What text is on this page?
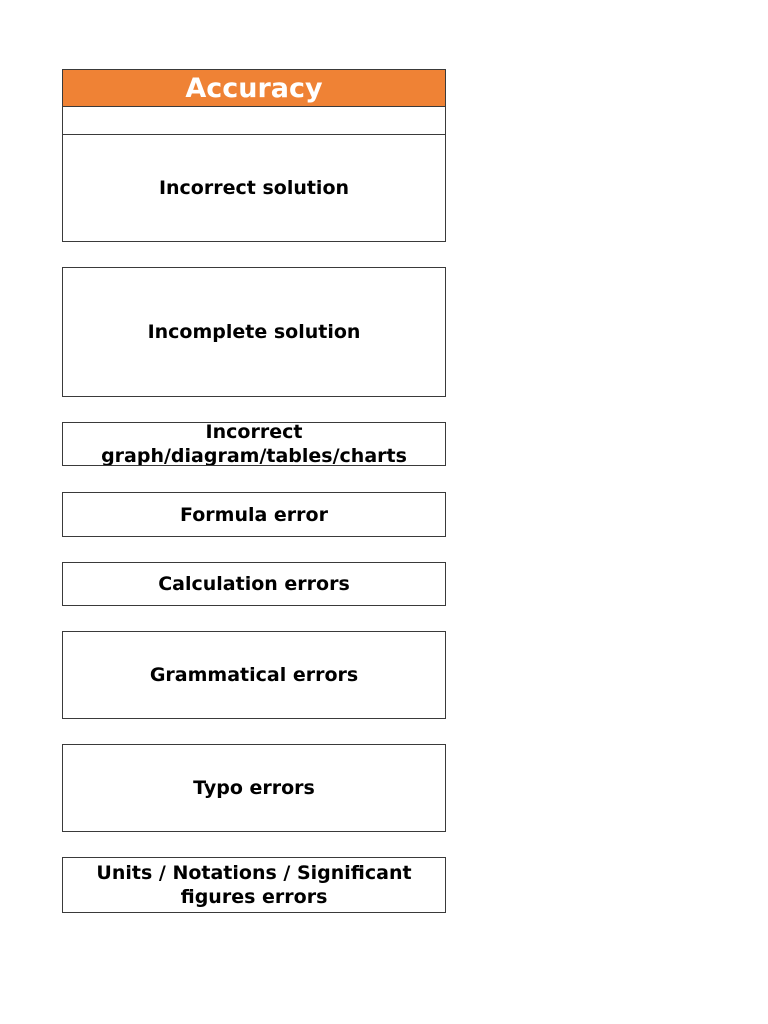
Accuracy
Incorrect solution
Incomplete solution
Incorrect graph/diagram/tables/charts
Formula error
Calculation errors
Grammatical errors
Typo errors
Units / Notations / Significant figures errors
